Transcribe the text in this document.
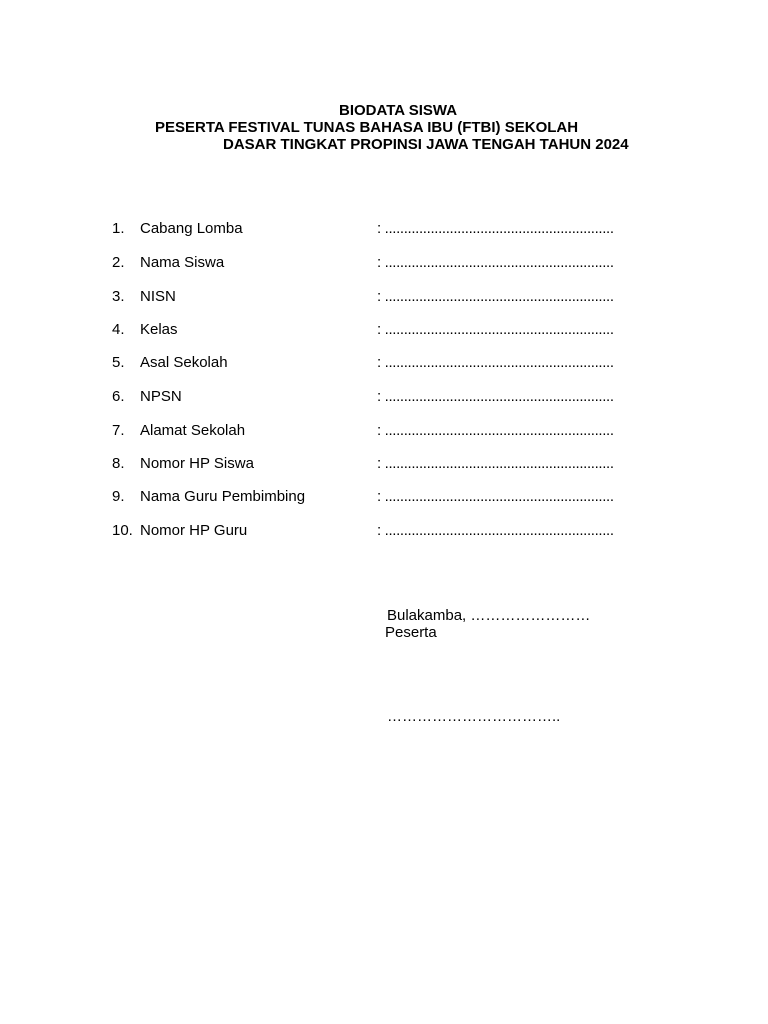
BIODATA SISWA
PESERTA FESTIVAL TUNAS BAHASA IBU (FTBI) SEKOLAH
DASAR TINGKAT PROPINSI JAWA TENGAH TAHUN 2024
1. Cabang Lomba	: ............................................................
2. Nama Siswa	: ............................................................
3. NISN	: ............................................................
4. Kelas	: ............................................................
5. Asal Sekolah	: ............................................................
6. NPSN	: ............................................................
7. Alamat Sekolah	: ............................................................
8. Nomor HP Siswa	: ............................................................
9. Nama Guru Pembimbing	: ............................................................
10. Nomor HP Guru	: ............................................................
Bulakamba, ……………………
Peserta
……………………………..
